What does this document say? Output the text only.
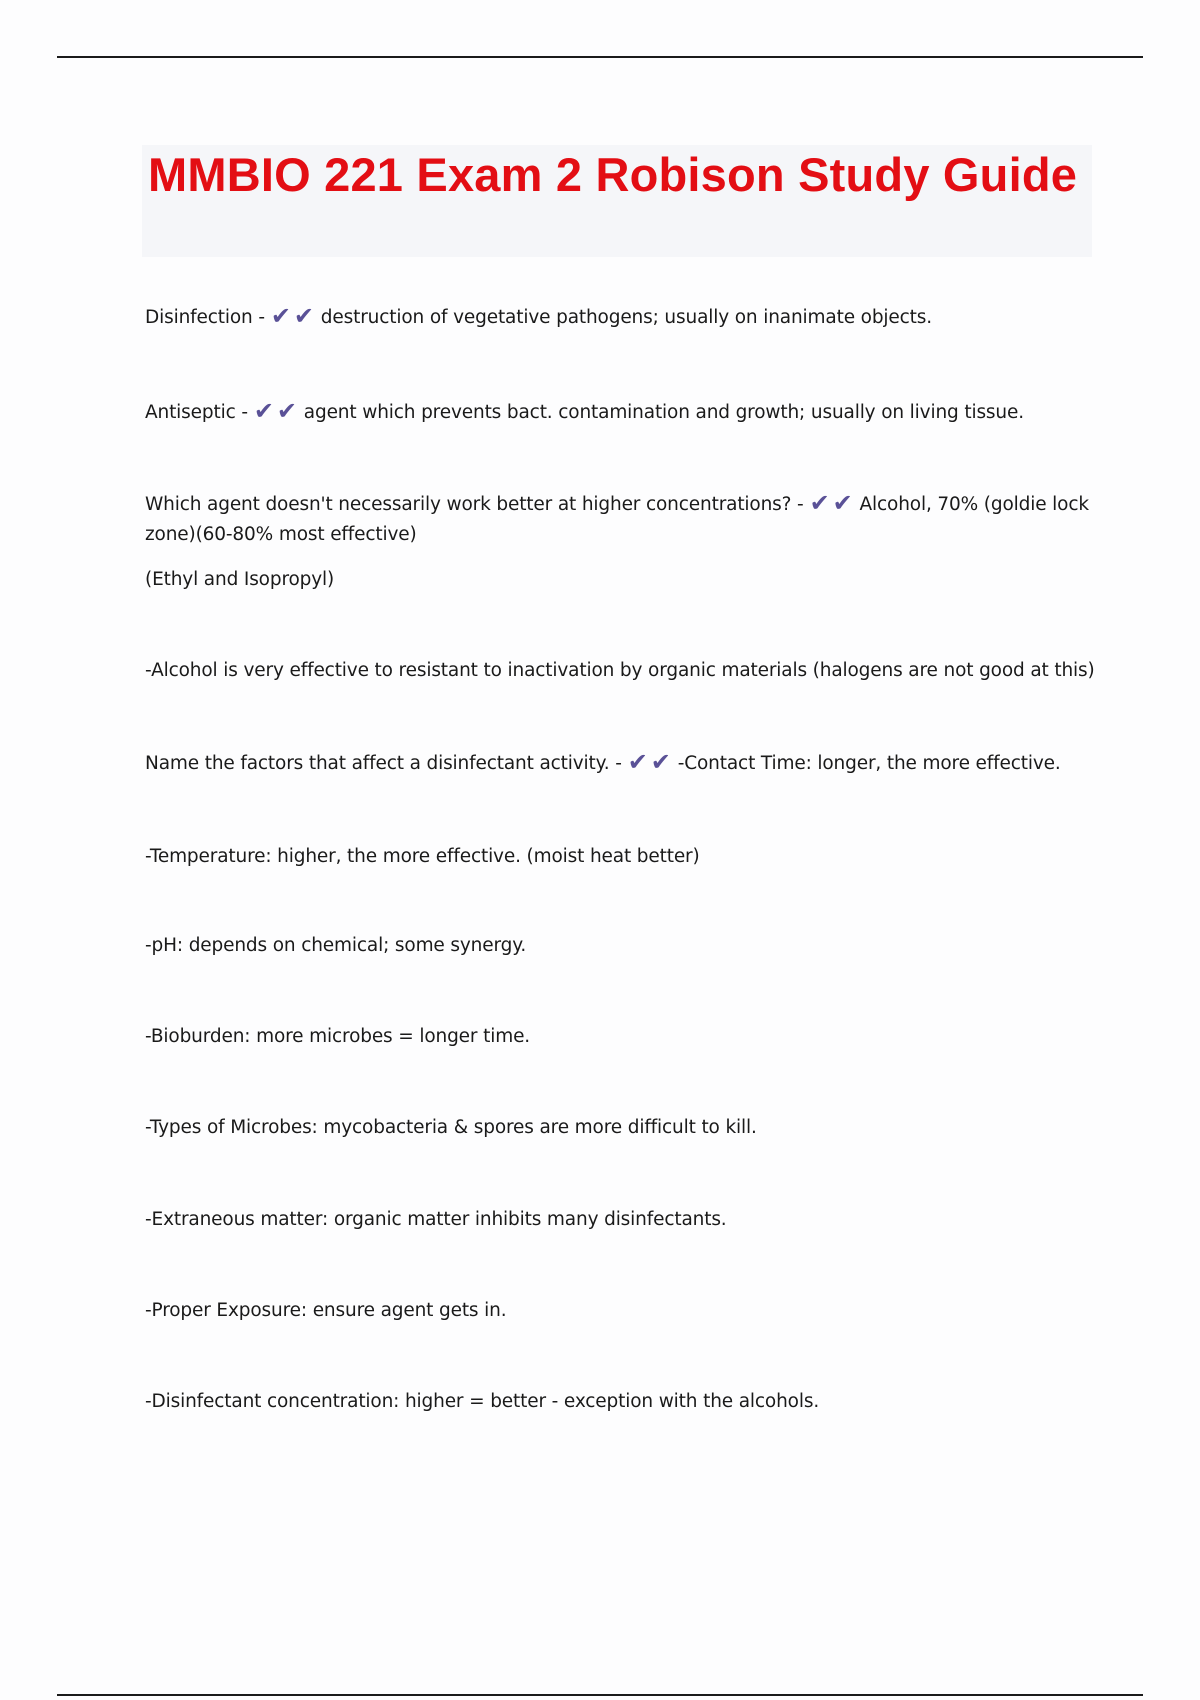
MMBIO 221 Exam 2 Robison Study Guide

Disinfection - ✔ ✔ destruction of vegetative pathogens; usually on inanimate objects.

Antiseptic - ✔ ✔ agent which prevents bact. contamination and growth; usually on living tissue.

Which agent doesn't necessarily work better at higher concentrations? - ✔ ✔ Alcohol, 70% (goldie lock zone)(60-80% most effective)

(Ethyl and Isopropyl)

-Alcohol is very effective to resistant to inactivation by organic materials (halogens are not good at this)

Name the factors that affect a disinfectant activity. - ✔ ✔ -Contact Time: longer, the more effective.

-Temperature: higher, the more effective. (moist heat better)

-pH: depends on chemical; some synergy.

-Bioburden: more microbes = longer time.

-Types of Microbes: mycobacteria & spores are more difficult to kill.

-Extraneous matter: organic matter inhibits many disinfectants.

-Proper Exposure: ensure agent gets in.

-Disinfectant concentration: higher = better - exception with the alcohols.
